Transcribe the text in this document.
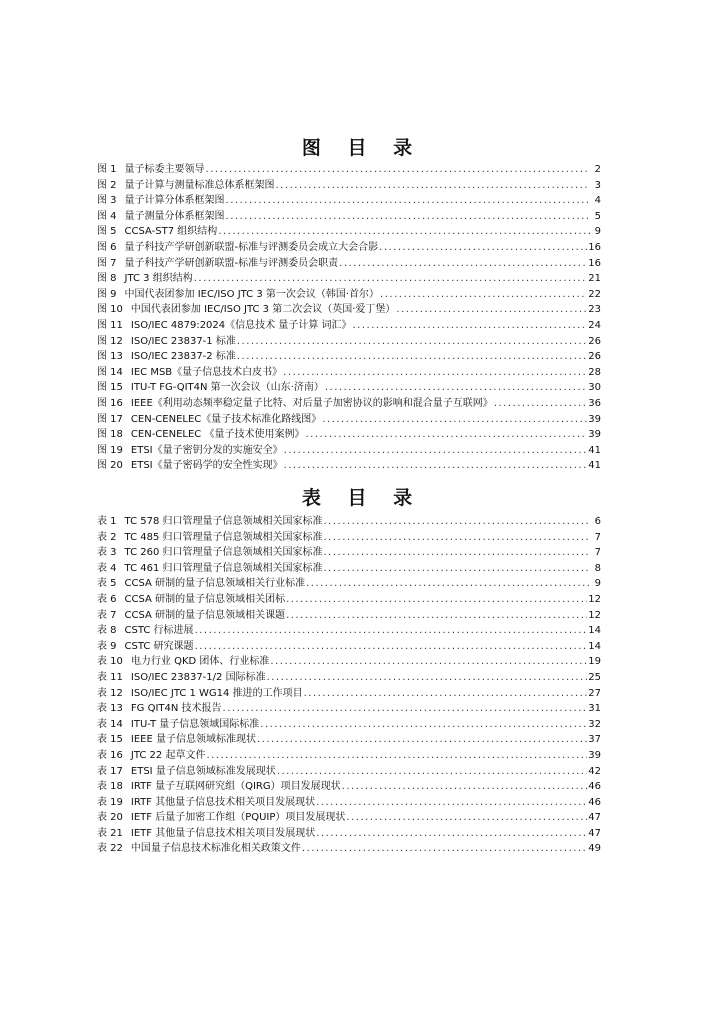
图 目 录
图 1 量子标委主要领导 .....	2
图 2 量子计算与测量标准总体系框架图 .....	3
图 3 量子计算分体系框架图 .....	4
图 4 量子测量分体系框架图 .....	5
图 5 CCSA-ST7 组织结构 .....	9
图 6 量子科技产学研创新联盟-标准与评测委员会成立大会合影 .....	16
图 7 量子科技产学研创新联盟-标准与评测委员会职责 .....	16
图 8 JTC 3 组织结构 .....	21
图 9 中国代表团参加 IEC/ISO JTC 3 第一次会议（韩国·首尔） .....	22
图 10 中国代表团参加 IEC/ISO JTC 3 第二次会议（英国·爱丁堡） .....	23
图 11 ISO/IEC 4879:2024《信息技术 量子计算 词汇》 .....	24
图 12 ISO/IEC 23837-1 标准 .....	26
图 13 ISO/IEC 23837-2 标准 .....	26
图 14 IEC MSB《量子信息技术白皮书》 .....	28
图 15 ITU-T FG-QIT4N 第一次会议（山东·济南） .....	30
图 16 IEEE《利用动态频率稳定量子比特、对后量子加密协议的影响和混合量子互联网》 .....	36
图 17 CEN-CENELEC《量子技术标准化路线图》 .....	39
图 18 CEN-CENELEC 《量子技术使用案例》 .....	39
图 19 ETSI《量子密钥分发的实施安全》 .....	41
图 20 ETSI《量子密码学的安全性实现》 .....	41
表 目 录
表 1 TC 578 归口管理量子信息领域相关国家标准 .....	6
表 2 TC 485 归口管理量子信息领域相关国家标准 .....	7
表 3 TC 260 归口管理量子信息领域相关国家标准 .....	7
表 4 TC 461 归口管理量子信息领域相关国家标准 .....	8
表 5 CCSA 研制的量子信息领域相关行业标准 .....	9
表 6 CCSA 研制的量子信息领域相关团标 .....	12
表 7 CCSA 研制的量子信息领域相关课题 .....	12
表 8 CSTC 行标进展 .....	14
表 9 CSTC 研究课题 .....	14
表 10 电力行业 QKD 团体、行业标准 .....	19
表 11 ISO/IEC 23837-1/2 国际标准 .....	25
表 12 ISO/IEC JTC 1 WG14 推进的工作项目 .....	27
表 13 FG QIT4N 技术报告 .....	31
表 14 ITU-T 量子信息领域国际标准 .....	32
表 15 IEEE 量子信息领域标准现状 .....	37
表 16 JTC 22 起草文件 .....	39
表 17 ETSI 量子信息领域标准发展现状 .....	42
表 18 IRTF 量子互联网研究组（QIRG）项目发展现状 .....	46
表 19 IRTF 其他量子信息技术相关项目发展现状 .....	46
表 20 IETF 后量子加密工作组（PQUIP）项目发展现状 .....	47
表 21 IETF 其他量子信息技术相关项目发展现状 .....	47
表 22 中国量子信息技术标准化相关政策文件 .....	49
